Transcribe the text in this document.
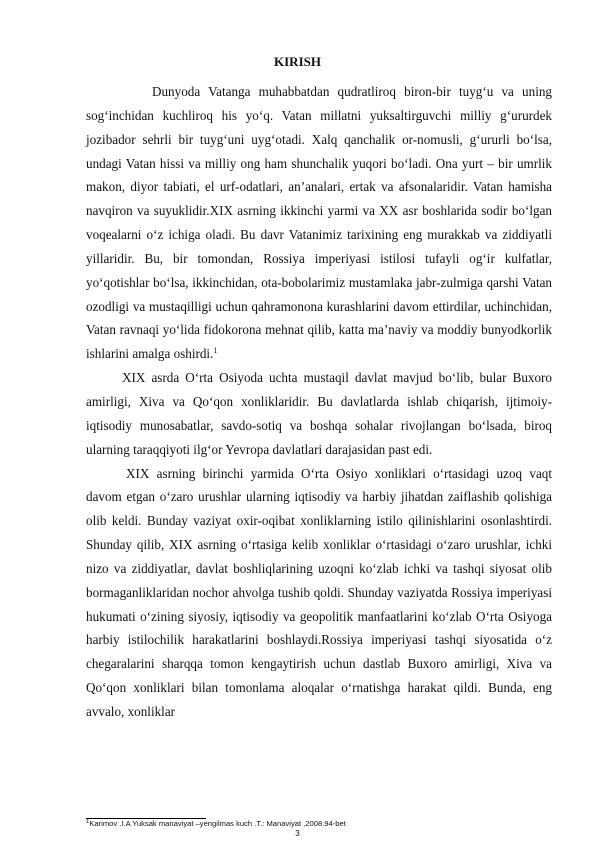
KIRISH

Dunyoda Vatanga muhabbatdan qudratliroq biron-bir tuyg‘u va uning sog‘inchidan kuchliroq his yo‘q. Vatan millatni yuksaltirguvchi milliy g‘ururdek jozibador sehrli bir tuyg‘uni uyg‘otadi. Xalq qanchalik or-nomusli, g‘ururli bo‘lsa, undagi Vatan hissi va milliy ong ham shunchalik yuqori bo‘ladi. Ona yurt – bir umrlik makon, diyor tabiati, el urf-odatlari, an’analari, ertak va afsonalaridir. Vatan hamisha navqiron va suyuklidir.XIX asrning ikkinchi yarmi va XX asr boshlarida sodir bo‘lgan voqealarni o‘z ichiga oladi. Bu davr Vatanimiz tarixining eng murakkab va ziddiyatli yillaridir. Bu, bir tomondan, Rossiya imperiyasi istilosi tufayli og‘ir kulfatlar, yo‘qotishlar bo‘lsa, ikkinchidan, ota-bobolarimiz mustamlaka jabr-zulmiga qarshi Vatan ozodligi va mustaqilligi uchun qahramonona kurashlarini davom ettirdilar, uchinchidan, Vatan ravnaqi yo‘lida fidokorona mehnat qilib, katta ma’naviy va moddiy bunyodkorlik ishlarini amalga oshirdi.$^1$

XIX asrda O‘rta Osiyoda uchta mustaqil davlat mavjud bo‘lib, bular Buxoro amirligi, Xiva va Qo‘qon xonliklaridir. Bu davlatlarda ishlab chiqarish, ijtimoiy-iqtisodiy munosabatlar, savdo-sotiq va boshqa sohalar rivojlangan bo‘lsada, biroq ularning taraqqiyoti ilg‘or Yevropa davlatlari darajasidan past edi.

XIX asrning birinchi yarmida O‘rta Osiyo xonliklari o‘rtasidagi uzoq vaqt davom etgan o‘zaro urushlar ularning iqtisodiy va harbiy jihatdan zaiflashib qolishiga olib keldi. Bunday vaziyat oxir-oqibat xonliklarning istilo qilinishlarini osonlashtirdi. Shunday qilib, XIX asrning o‘rtasiga kelib xonliklar o‘rtasidagi o‘zaro urushlar, ichki nizo va ziddiyatlar, davlat boshliqlarining uzoqni ko‘zlab ichki va tashqi siyosat olib bormaganliklaridan nochor ahvolga tushib qoldi. Shunday vaziyatda Rossiya imperiyasi hukumati o‘zining siyosiy, iqtisodiy va geopolitik manfaatlarini ko‘zlab O‘rta Osiyoga harbiy istilochilik harakatlarini boshlaydi.Rossiya imperiyasi tashqi siyosatida o‘z chegaralarini sharqqa tomon kengaytirish uchun dastlab Buxoro amirligi, Xiva va Qo‘qon xonliklari bilan tomonlama aloqalar o‘rnatishga harakat qildi. Bunda, eng avvalo, xonliklar

$^1$Karimov .I.A Yuksak manaviyat –yengilmas kuch .T.: Manaviyat ,2008.94-bet
3
